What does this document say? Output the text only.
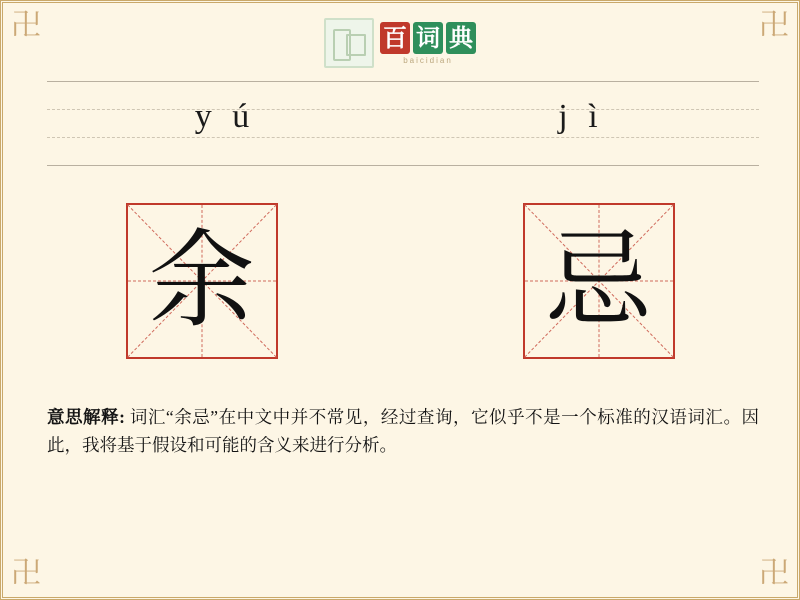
卍	卍
卍	卍
百 词 典
baicidian
y ú	j ì
余	忌
意思解释: 词汇“余忌”在中文中并不常见，经过查询，它似乎不是一个标准的汉语词汇。因此，我将基于假设和可能的含义来进行分析。
